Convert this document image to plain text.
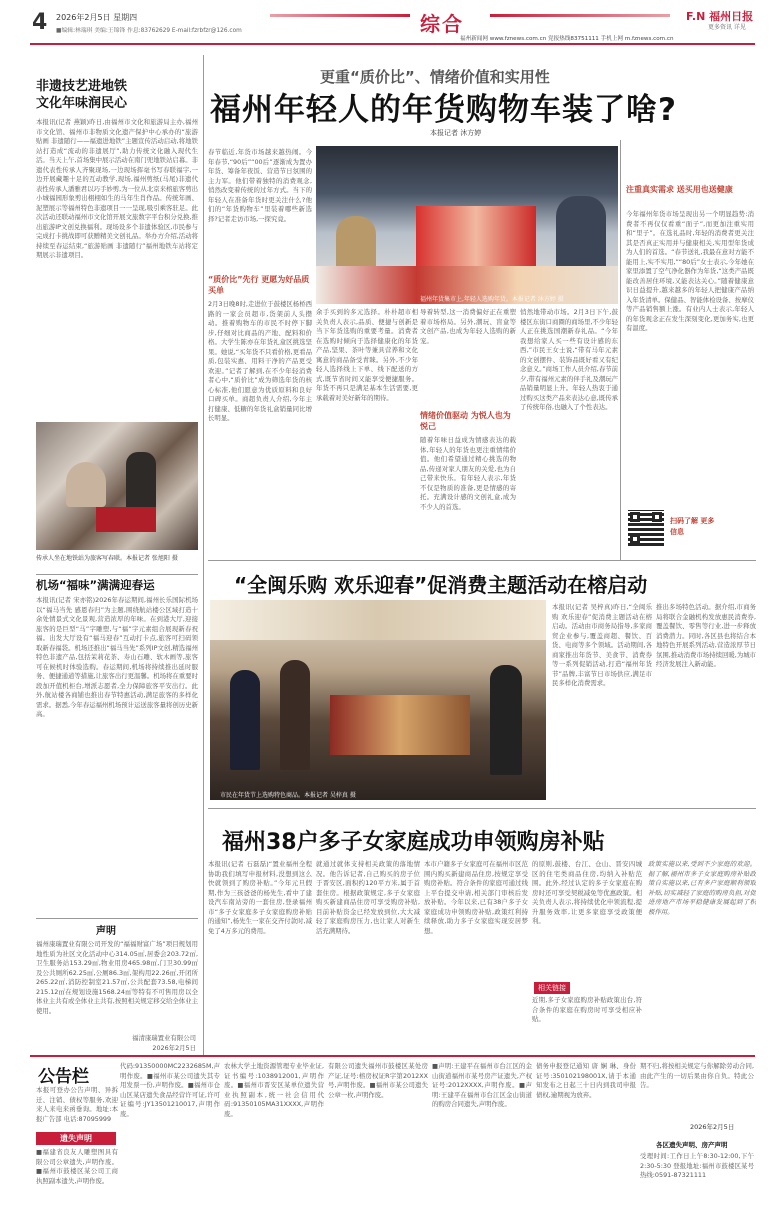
4 2026年2月5日 星期四
■编辑:林瑞琪 美编:王锦锋 作息:83762629 E-mail:fzrbfzr@126.com	综合	F.N 福州日报
更多资讯 详见
福州新闻网 www.fznews.com.cn 党报热线83751111 手机上网 m.fznews.com.cn
非遗技艺进地铁 文化年味润民心
本报讯(记者 燕颖)昨日,由福州市文化和旅游局主办,福州市文化馆、福州市非物质文化遗产保护中心承办的“旅游贴画 非遗随行——福遗进地铁”主题宣传活动启动,将地铁站打造成“流动的非遗展厅”,助力传统文化融入现代生活。当天上午,首场集中展示活动在南门兜地铁站启幕。非遗代表性传承人齐聚现场,一边现场挥毫书写春联福字,一边开展藏趣十足的互动教学,现场,福州剪纸(马尾)非遗代表性传承人潘雅君以巧手妙剪,为一位从北京来榕旅客剪出小城福园形象剪出栩栩如生的马年生肖作品。传统年画、泥塑展示等福州特色非遗项目一一呈现,吸引乘客驻足。此次活动还联动福州市文化馆开展文旅数字平台积分兑换,推出旅游IP文创兑换福利。现场设多个非遗体验区,市民参与完成打卡挑战即可获赠精美文创礼品。举办方介绍,活动将持续至春运结束,“旅游贴画 非遗随行”福州地铁车站将定期展示非遗项目。
传承人坐在地铁站为旅客写春联。本报记者 张旭阳 摄
机场“福味”满满迎春运
本报讯(记者 宋亦铭)2026年春运期间,福州长乐国际机场以“福马当先 感恩春归”为主题,围绕航站楼公区域打造十余处情景式文化景观,营造浓厚的年味。在到港大厅,迎接旅客的是巨型“马”字雕塑,与“福”字元素组合展现新春祝福。出发大厅设有“福马迎春”互动打卡点,旅客可扫码领取新春福袋。机场还推出“福马当先”系列IP文创,精选福州特色非遗产品,包括茉莉花茶、寿山石雕、软木画等,旅客可在候机时体验选购。春运期间,机场将持续推出延时服务、便捷通道等措施,让旅客出行更温馨。机场将在重要时段加开值机柜台,增派志愿者,全力保障旅客平安出行。此外,航站楼各商铺也推出春节特惠活动,满足旅客的多样化需求。据悉,今年春运福州机场预计运送旅客量将创历史新高。
声明
福州康瑞置业有限公司开发的“福福财富广场”项目规划用地性质为社区文化活动中心314.05㎡,居委会203.72㎡,卫生服务站153.29㎡,物业用房465.98㎡,门卫30.99㎡及公共厕所62.25㎡,公厕86.3㎡,架构用22.26㎡,开闭所265.22㎡,消防控制室21.57㎡,公共配套73.58,电梯间215.12㎡在规划设施1568.24㎡等特有不可售用房以全体业主共有或全体业主共有,按照相关规定移交给全体业主使用。
福清康瑞置业有限公司
2026年2月5日
更重“质价比”、情绪价值和实用性
福州年轻人的年货购物车装了啥?
本报记者 沐方婷
春节临近,年货市场越来越热闹。今年春节,“90后”“00后”逐渐成为置办年货、筹备年夜饭、营造节日氛围的主力军。他们带着独特的消费观念,悄然改变着传统的过年方式。当下的年轻人在准备年货时更关注什么?他们的“年货购物车”里装着哪些新选择?记者走访市场,一探究竟。
“质价比”先行 更愿为好品质买单
2月3日晚8时,走进位于鼓楼区杨桥西路的一家会员超市,货架前人头攒动。推着购物车的市民不时停下脚步,仔细对比商品的产地、配料和价格。大学生陈亦在年货礼盒区挑选坚果。她说,“买年货不只看价格,更看品质,包装实惠、用料干净的产品更受欢迎。”记者了解到,在不少年轻消费者心中,“质价比”成为筛选年货的核心标准,他们愿意为优质原料和良好口碑买单。商超负责人介绍,今年主打健康、低糖的年货礼盒销量同比增长明显。
福州年货集市上,年轻人选购年货。本报记者 沐方婷 摄
余手买到的多元选择。朴朴超市相关负责人表示,品质、便捷与创新是当下年货选购的重要考量。消费者在选购时倾向于选择健康化的年货产品,坚果、茶叶等兼具营养和文化寓意的商品备受青睐。另外,不少年轻人选择线上下单、线下配送的方式,既节省时间又能享受便捷服务。年货不再只是满足基本生活需要,更承载着对美好新年的期待。
情绪价值驱动 为悦人也为悦己
导着转型,这一消费偏好正在重塑着市场格局。另外,潮玩、盲盒等文创产品,也成为年轻人选购的新宠。
随着年味日益成为情感表达的载体,年轻人的年货也更注重情绪价值。他们希望通过精心挑选的物品,传递对家人朋友的关爱,也为自己带来快乐。有年轻人表示,年货不仅是物质的准备,更是情感的寄托。充满设计感的文创礼盒,成为不少人的首选。
悄然地带动市场。2月3日下午,鼓楼区东街口商圈的商场里,不少年轻人正在挑选国潮新春礼品。“今年我想给家人买一些有设计感的东西,”市民王女士说,“带有马年元素的文创摆件、装饰品既好看又有纪念意义。”商场工作人员介绍,春节前夕,带有福州元素的伴手礼及潮玩产品销量明显上升。年轻人热衷于通过购买这类产品来表达心意,既传承了传统年俗,也融入了个性表达。
注重真实需求 送买用也送健康
今年福州年货市场呈现出另一个明显趋势:消费者不再仅仅看重“面子”,而更加注重实用和“里子”。在选礼品时,年轻的消费者更关注其是否真正实用并与健康相关,实用型年货成为人们的首选。“春节送礼,我最在意对方能不能用上,实不实用,”“80后”女士表示,今年她在家里添置了空气净化器作为年货,“这类产品既能改善居住环境,又能表达关心。”随着健康意识日益提升,越来越多的年轻人把健康产品纳入年货清单。保健品、智能体检设备、按摩仪等产品销售额上涨。有业内人士表示,年轻人的年货观念正在发生深刻变化,更加务实,也更有温度。
扫码了解 更多信息
“全闽乐购 欢乐迎春”促消费主题活动在榕启动
市民在年货节上选购特色商品。本报记者 吴梓真 摄
本报讯(记者 吴梓真)昨日,“全闽乐购 欢乐迎春”促消费主题活动在榕启动。活动由市商务局指导,多家商贸企业参与,覆盖商超、餐饮、百货、电商等多个领域。活动期间,各商家推出年货节、美食节、消费券等一系列促销活动,打造“福州年货节”品牌,丰富节日市场供应,满足市民多样化消费需求。
推出多场特色活动。据介绍,市商务局将联合金融机构发放惠民消费券,覆盖餐饮、零售等行业,进一步释放消费潜力。同时,各区县也将结合本地特色开展系列活动,营造浓厚节日氛围,推动消费市场持续回暖,为城市经济发展注入新动能。
福州38户多子女家庭成功申领购房补贴
本报讯(记者 石磊磊)“置业福州全程协助我们填写申报材料,没想到这么快就领到了购房补贴。”今年元旦假期,作为三孩爸爸的杨先生,看中了建设汽车南站旁的一套住房,登录福州市“多子女家庭多子女家庭购房补贴的通知”,杨先生一家在交齐付款时,减免了4万多元的费用。
就通过就体支持相关政策的落地情况。他告诉记者,自己购买的房子位于晋安区,面积约120平方米,属于首套住房。根据政策规定,多子女家庭购买新建商品住房可享受购房补贴,目前补贴资金已经发放到位,大大减轻了家庭购房压力,也让家人对新生活充满期待。
本市户籍多子女家庭可在福州市区范围内购买新建商品住房,按规定享受购房补贴。符合条件的家庭可通过线上平台提交申请,相关部门审核后发放补贴。今年以来,已有38户多子女家庭成功申领购房补贴,政策红利持续释放,助力多子女家庭实现安居梦想。
的原则,鼓楼、台江、仓山、晋安四城区的住宅类商品住房,均纳入补贴范围。此外,经过认定的多子女家庭在购房时还可享受契税减免等优惠政策。相关负责人表示,将持续优化申领流程,提升服务效率,让更多家庭享受政策便利。
相关链接
近期,多子女家庭购房补贴政策出台,符合条件的家庭在购房时可享受相应补贴。
政策实施以来,受到不少家庭的欢迎。据了解,福州市多子女家庭购房补贴政策自实施以来,已有多户家庭顺利领取补贴,切实减轻了家庭的购房负担,对促进房地产市场平稳健康发展起到了积极作用。
公告栏
本报可登办公告声明、异拆迁、注销、债权等服务,欢迎来人来电来函垂询。地址:本报广告部 电话:87095999
遗失声明
■福建省良友人雕塑图具有限公司公章遗失,声明作废。■福州市鼓楼区某公司工商执照副本遗失,声明作废。
代码:91350000MC2232685M,声明作废。■福州市某公司遗失其专用发票一份,声明作废。■福州市仓山区某店遗失食品经营许可证,许可证编号:JY13501210017,声明作废。
农林大学土地资源管理专业毕业证,证书编号:1038912001,声明作废。■福州市晋安区某单位遗失营业执照副本,统一社会信用代码:91350105MA31XXXX,声明作废。
有限公司遗失福州市鼓楼区某处房产证,证号:榕房权证R字第2012XX号,声明作废。■福州市某公司遗失公章一枚,声明作废。
■声明:王建平在福州市台江区的金山街道福州市某号房产证遗失,产权证号:2012XXXX,声明作废。■声明:王建平在福州市台江区金山街道的购房合同遗失,声明作废。
债务申报登记通知 唐 娴 琳、身份证号:350102198001X,请于本通知发布之日起三十日内到我司申报债权,逾期视为放弃。
期不归,将按相关规定与你解除劳动合同,由此产生的一切后果由你自负。特此公告。
各区遗失声明、房产声明
2026年2月5日
受理时间:工作日上午8:30-12:00,下午2:30-5:30 登报地址:福州市鼓楼区某号 热线:0591-87321111
